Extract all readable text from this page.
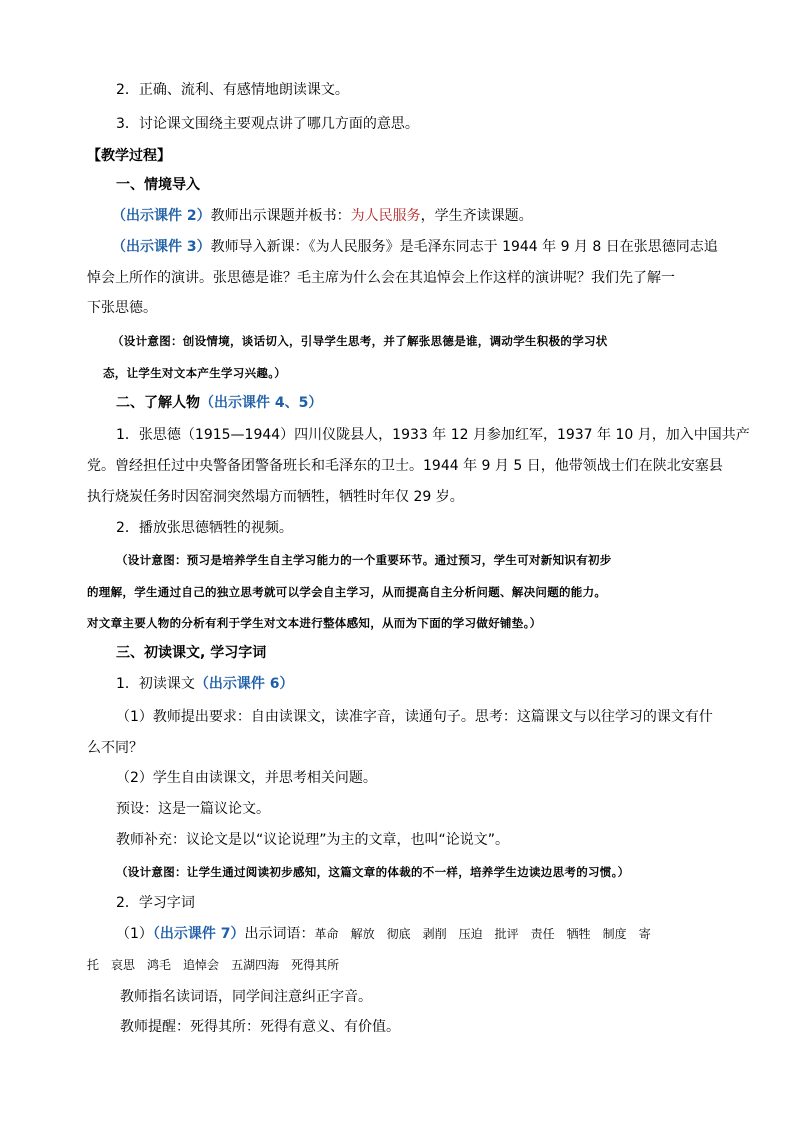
2．正确、流利、有感情地朗读课文。
3．讨论课文围绕主要观点讲了哪几方面的意思。
【教学过程】
一、情境导入
（出示课件 2）教师出示课题并板书：为人民服务，学生齐读课题。
（出示课件 3）教师导入新课：《为人民服务》是毛泽东同志于 1944 年 9 月 8 日在张思德同志追
悼会上所作的演讲。张思德是谁？毛主席为什么会在其追悼会上作这样的演讲呢？我们先了解一
下张思德。
（设计意图：创设情境，谈话切入，引导学生思考，并了解张思德是谁，调动学生积极的学习状
态，让学生对文本产生学习兴趣。）
二、了解人物（出示课件 4、5）
1．张思德（1915—1944）四川仪陇县人，1933 年 12 月参加红军，1937 年 10 月，加入中国共产
党。曾经担任过中央警备团警备班长和毛泽东的卫士。1944 年 9 月 5 日，他带领战士们在陕北安塞县
执行烧炭任务时因窑洞突然塌方而牺牲，牺牲时年仅 29 岁。
2．播放张思德牺牲的视频。
（设计意图：预习是培养学生自主学习能力的一个重要环节。通过预习，学生可对新知识有初步
的理解，学生通过自己的独立思考就可以学会自主学习，从而提高自主分析问题、解决问题的能力。
对文章主要人物的分析有利于学生对文本进行整体感知，从而为下面的学习做好铺垫。）
三、初读课文, 学习字词
1．初读课文（出示课件 6）
（1）教师提出要求：自由读课文，读准字音，读通句子。思考：这篇课文与以往学习的课文有什
么不同？
（2）学生自由读课文，并思考相关问题。
预设：这是一篇议论文。
教师补充：议论文是以“议论说理”为主的文章，也叫“论说文”。
（设计意图：让学生通过阅读初步感知，这篇文章的体裁的不一样，培养学生边读边思考的习惯。）
2．学习字词
（1）（出示课件 7）出示词语：革命 解放 彻底 剥削 压迫 批评 责任 牺牲 制度 寄
托 哀思 鸿毛 追悼会 五湖四海 死得其所
教师指名读词语，同学间注意纠正字音。
教师提醒：死得其所：死得有意义、有价值。
